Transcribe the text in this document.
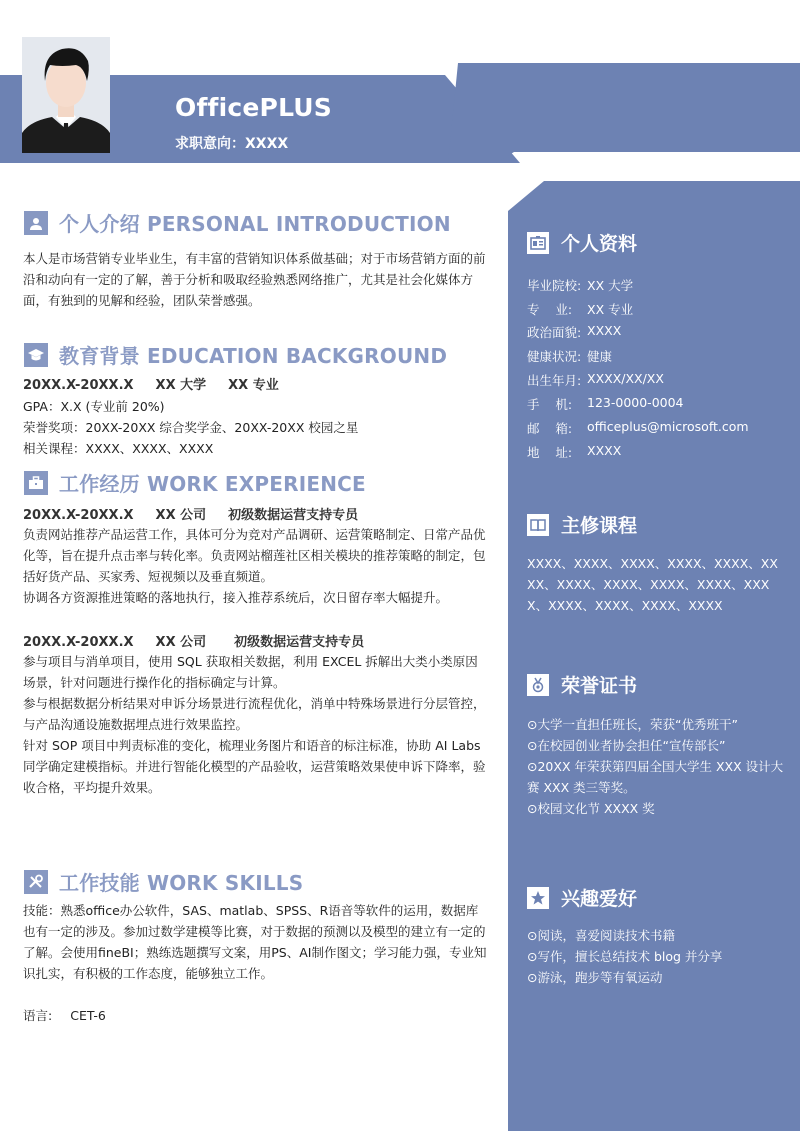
OfficePLUS
求职意向：XXXX
个人资料
毕业院校: XX 大学
专    业:	XX 专业
政治面貌: XXXX
健康状况: 健康
出生年月: XXXX/XX/XX
手    机:	123-0000-0004
邮    箱:	officeplus@microsoft.com
地    址:	XXXX
主修课程
XXXX、XXXX、XXXX、XXXX、XXXX、XXXX、XXXX、XXXX、XXXX、XXXX、XXXX、XXXX、XXXX、XXXX、XXXX
荣誉证书
⊙大学一直担任班长，荣获“优秀班干”
⊙在校园创业者协会担任“宣传部长”
⊙20XX 年荣获第四届全国大学生 XXX 设计大赛 XXX 类三等奖。
⊙校园文化节 XXXX 奖
兴趣爱好
⊙阅读，喜爱阅读技术书籍
⊙写作，擅长总结技术 blog 并分享
⊙游泳，跑步等有氧运动
个人介绍 PERSONAL INTRODUCTION
本人是市场营销专业毕业生，有丰富的营销知识体系做基础；对于市场营销方面的前沿和动向有一定的了解，善于分析和吸取经验熟悉网络推广，尤其是社会化媒体方面，有独到的见解和经验，团队荣誉感强。
教育背景 EDUCATION BACKGROUND
20XX.X-20XX.X XX 大学 XX 专业
GPA：X.X (专业前 20%)
荣誉奖项：20XX-20XX 综合奖学金、20XX-20XX 校园之星
相关课程：XXXX、XXXX、XXXX
工作经历 WORK EXPERIENCE
20XX.X-20XX.X XX 公司 初级数据运营支持专员
负责网站推荐产品运营工作，具体可分为竞对产品调研、运营策略制定、日常产品优化等，旨在提升点击率与转化率。负责网站榴莲社区相关模块的推荐策略的制定，包括好货产品、买家秀、短视频以及垂直频道。
协调各方资源推进策略的落地执行，接入推荐系统后，次日留存率大幅提升。
20XX.X-20XX.X XX 公司 初级数据运营支持专员
参与项目与消单项目，使用 SQL 获取相关数据，利用 EXCEL 拆解出大类小类原因场景，针对问题进行操作化的指标确定与计算。
参与根据数据分析结果对申诉分场景进行流程优化，消单中特殊场景进行分层管控，与产品沟通设施数据埋点进行效果监控。
针对 SOP 项目中判责标准的变化，梳理业务图片和语音的标注标准，协助 AI Labs 同学确定建模指标。并进行智能化模型的产品验收，运营策略效果使申诉下降率，验收合格，平均提升效果。
工作技能 WORK SKILLS
技能：熟悉office办公软件，SAS、matlab、SPSS、R语音等软件的运用，数据库也有一定的涉及。参加过数学建模等比赛，对于数据的预测以及模型的建立有一定的了解。会使用fineBI；熟练选题撰写文案，用PS、AI制作图文；学习能力强，专业知识扎实，有积极的工作态度，能够独立工作。
语言: CET-6
